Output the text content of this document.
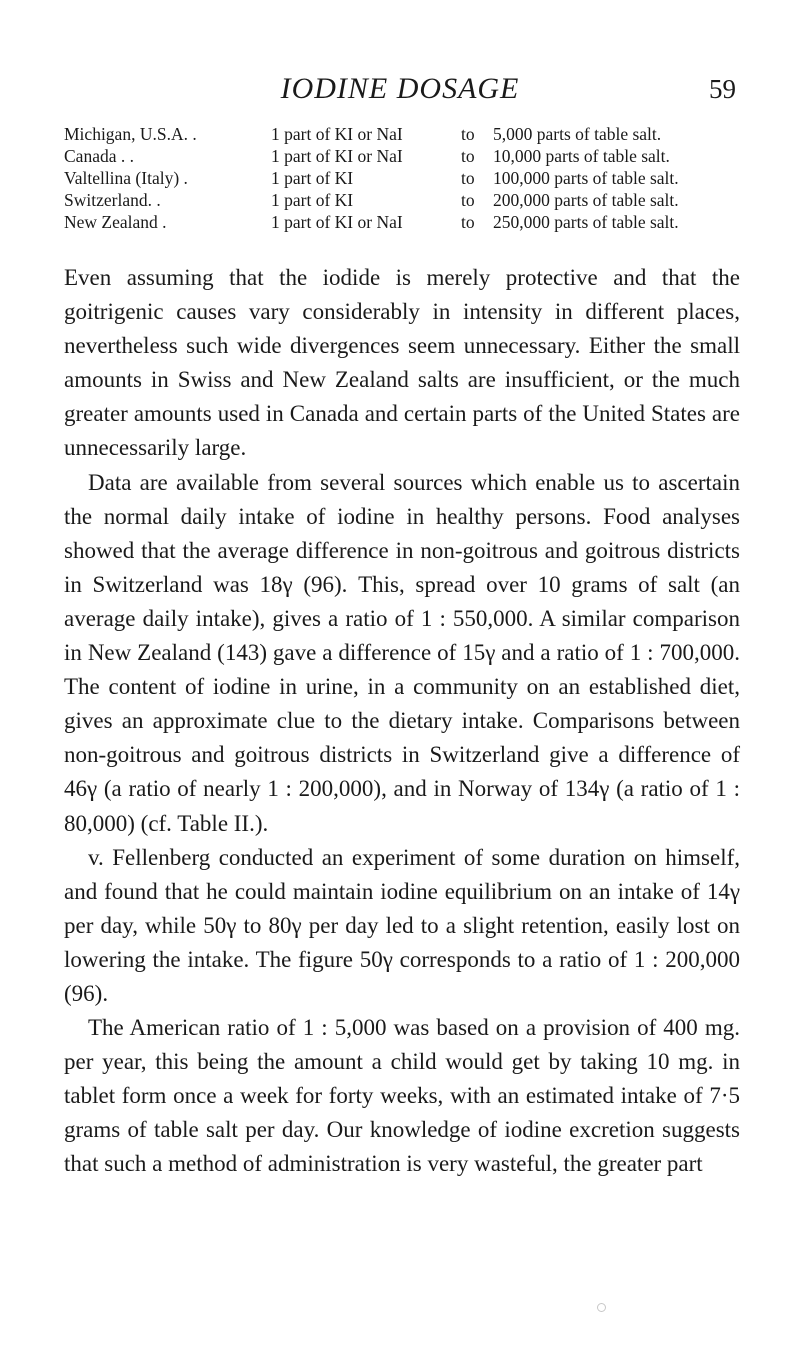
IODINE DOSAGE	59
Michigan, U.S.A. .	1 part of KI or NaI	to	5,000 parts of table salt.
Canada . .	1 part of KI or NaI	to	10,000 parts of table salt.
Valtellina (Italy) .	1 part of KI	to	100,000 parts of table salt.
Switzerland. .	1 part of KI	to	200,000 parts of table salt.
New Zealand .	1 part of KI or NaI	to	250,000 parts of table salt.

Even assuming that the iodide is merely protective and that the goitrigenic causes vary considerably in intensity in different places, nevertheless such wide divergences seem unnecessary. Either the small amounts in Swiss and New Zealand salts are insufficient, or the much greater amounts used in Canada and certain parts of the United States are unnecessarily large.

Data are available from several sources which enable us to ascertain the normal daily intake of iodine in healthy persons. Food analyses showed that the average difference in non-goitrous and goitrous districts in Switzerland was 18γ (96). This, spread over 10 grams of salt (an average daily intake), gives a ratio of 1 : 550,000. A similar comparison in New Zealand (143) gave a difference of 15γ and a ratio of 1 : 700,000. The content of iodine in urine, in a community on an established diet, gives an approximate clue to the dietary intake. Comparisons between non-goitrous and goitrous districts in Switzerland give a difference of 46γ (a ratio of nearly 1 : 200,000), and in Norway of 134γ (a ratio of 1 : 80,000) (cf. Table II.).

v. Fellenberg conducted an experiment of some duration on himself, and found that he could maintain iodine equilibrium on an intake of 14γ per day, while 50γ to 80γ per day led to a slight retention, easily lost on lowering the intake. The figure 50γ corresponds to a ratio of 1 : 200,000 (96).

The American ratio of 1 : 5,000 was based on a provision of 400 mg. per year, this being the amount a child would get by taking 10 mg. in tablet form once a week for forty weeks, with an estimated intake of 7·5 grams of table salt per day. Our knowledge of iodine excretion suggests that such a method of administration is very wasteful, the greater part
